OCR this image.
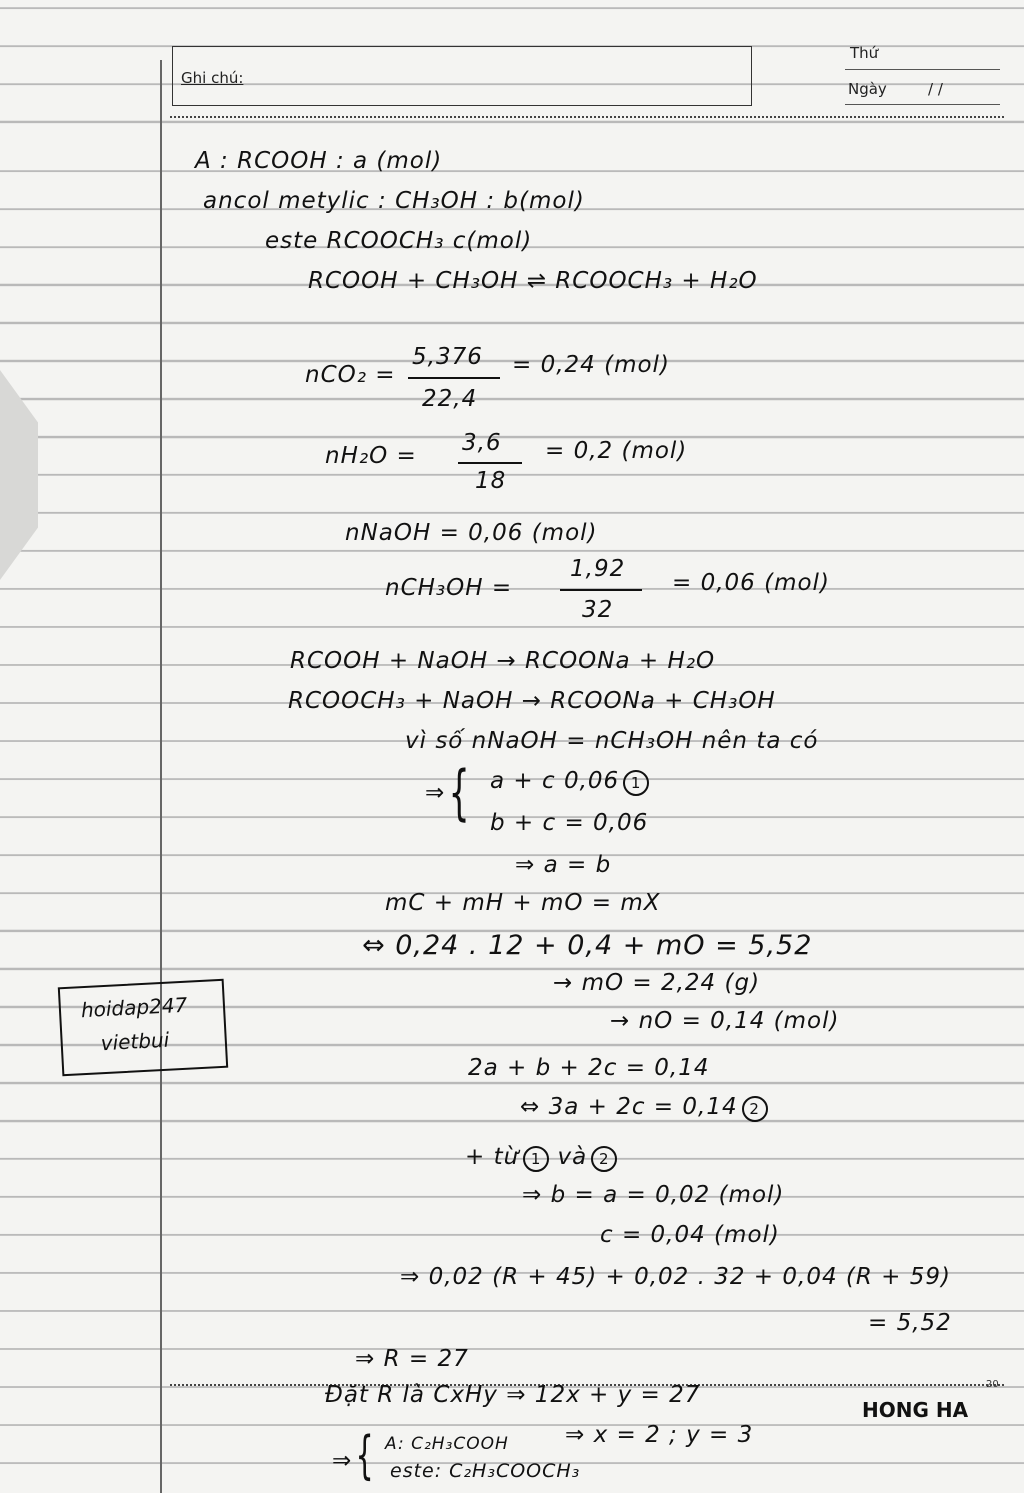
Ghi chú:
Thứ
Ngày	/ /
A : RCOOH : a (mol)
ancol metylic : CH₃OH : b(mol)
este RCOOCH₃ c(mol)
RCOOH + CH₃OH ⇌ RCOOCH₃ + H₂O
nCO₂ =
5,376
22,4
= 0,24 (mol)
nH₂O = 3,6
18
= 0,2 (mol)
nNaOH = 0,06 (mol)
nCH₃OH =
1,92
32
= 0,06 (mol)
RCOOH + NaOH → RCOONa + H₂O
RCOOCH₃ + NaOH → RCOONa + CH₃OH
vì số nNaOH = nCH₃OH nên ta có
⇒ { a + c 0,06 1
b + c = 0,06
⇒ a = b
mC + mH + mO = mX
⇔ 0,24 . 12 + 0,4 + mO = 5,52
→ mO = 2,24 (g)
→ nO = 0,14 (mol)
2a + b + 2c = 0,14
⇔ 3a + 2c = 0,14 2
+ từ 1 và 2
⇒ b = a = 0,02 (mol)
c = 0,04 (mol)
⇒ 0,02 (R + 45) + 0,02 . 32 + 0,04 (R + 59)
= 5,52
⇒ R = 27
Đặt R là CxHy ⇒ 12x + y = 27
⇒ x = 2 ; y = 3
⇒ { A: C₂H₃COOH
este: C₂H₃COOCH₃
hoidap247
vietbui
HONG HA
20
